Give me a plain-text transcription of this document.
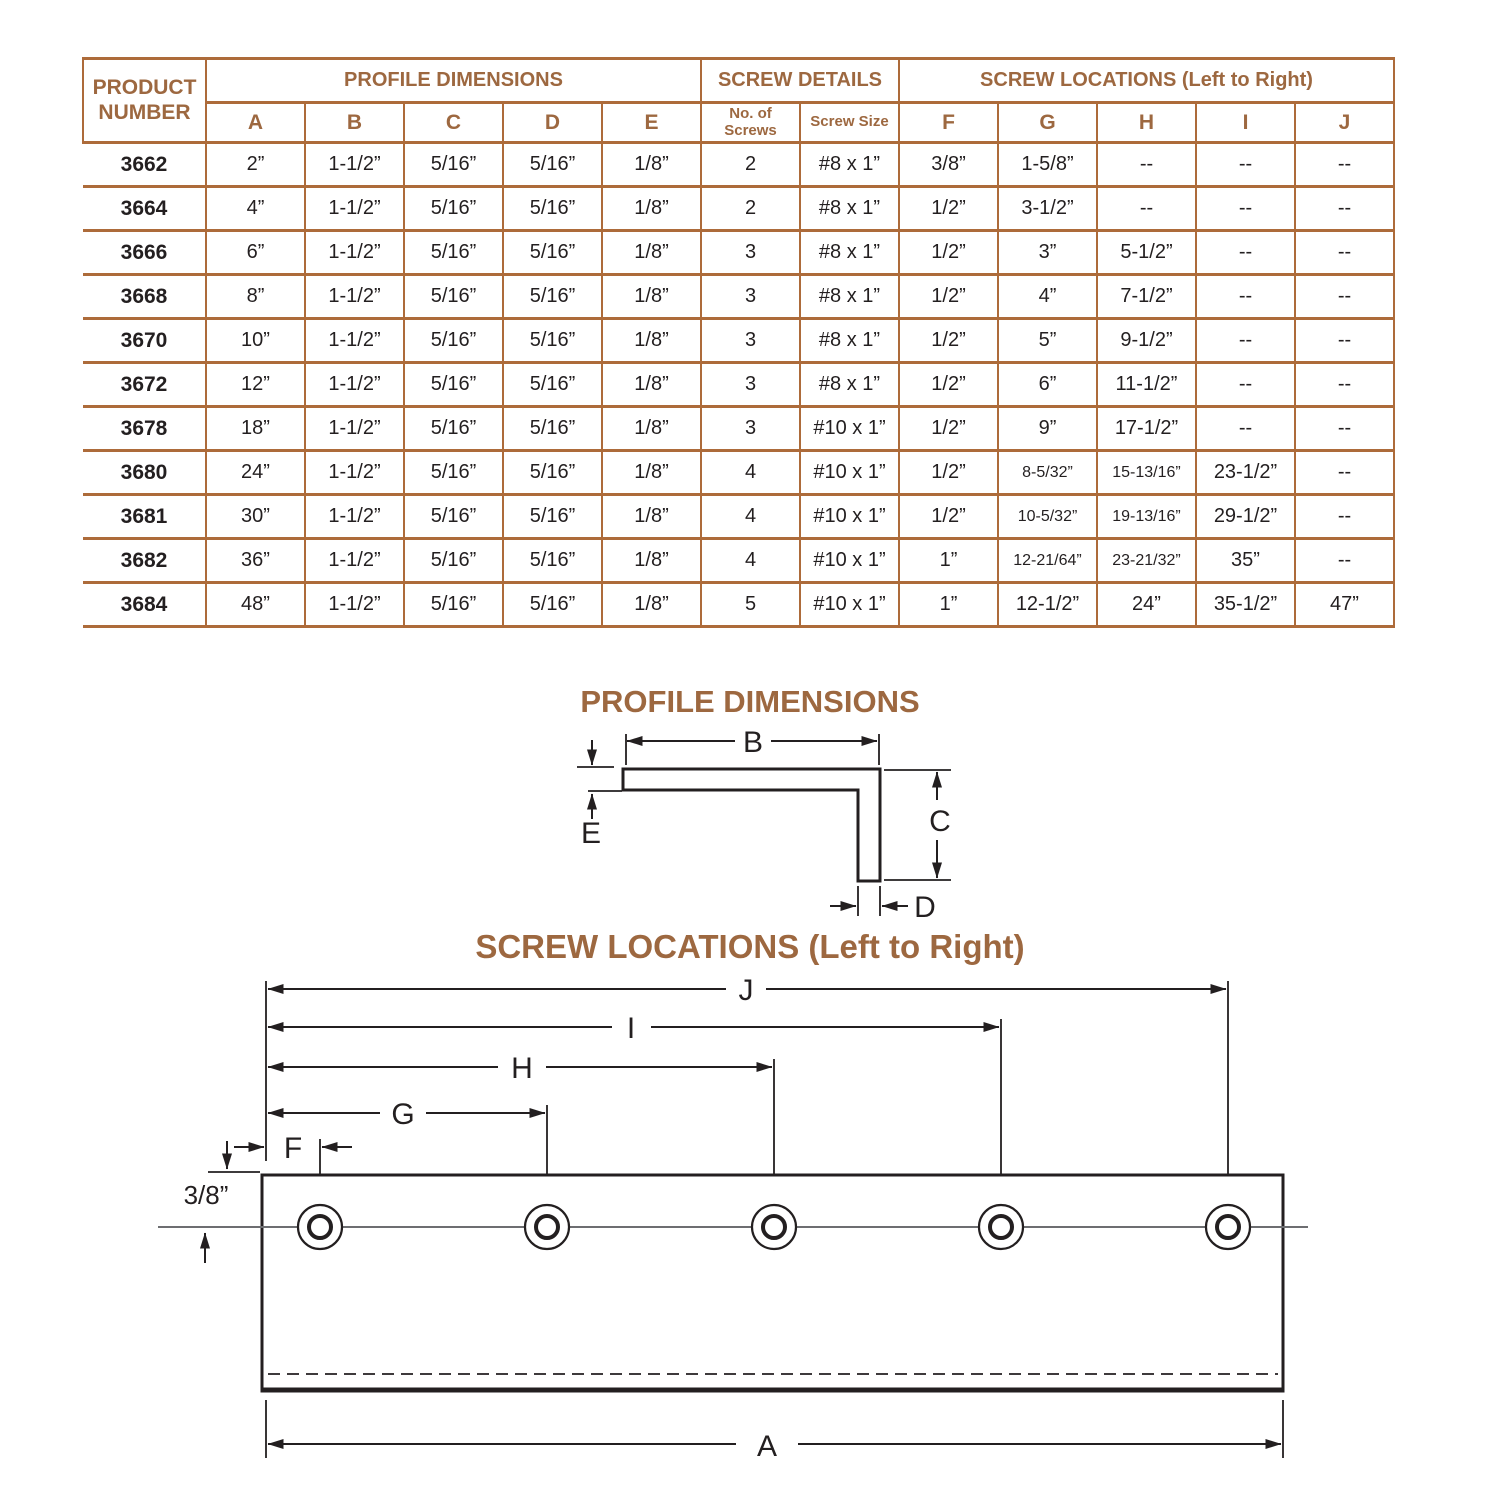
PRODUCT NUMBER	PROFILE DIMENSIONS					SCREW DETAILS		SCREW LOCATIONS (Left to Right)				
	A	B	C	D	E	No. of Screws	Screw Size	F	G	H	I	J
3662	2”	1-1/2”	5/16”	5/16”	1/8”	2	#8 x 1”	3/8”	1-5/8”	--	--	--
3664	4”	1-1/2”	5/16”	5/16”	1/8”	2	#8 x 1”	1/2”	3-1/2”	--	--	--
3666	6”	1-1/2”	5/16”	5/16”	1/8”	3	#8 x 1”	1/2”	3”	5-1/2”	--	--
3668	8”	1-1/2”	5/16”	5/16”	1/8”	3	#8 x 1”	1/2”	4”	7-1/2”	--	--
3670	10”	1-1/2”	5/16”	5/16”	1/8”	3	#8 x 1”	1/2”	5”	9-1/2”	--	--
3672	12”	1-1/2”	5/16”	5/16”	1/8”	3	#8 x 1”	1/2”	6”	11-1/2”	--	--
3678	18”	1-1/2”	5/16”	5/16”	1/8”	3	#10 x 1”	1/2”	9”	17-1/2”	--	--
3680	24”	1-1/2”	5/16”	5/16”	1/8”	4	#10 x 1”	1/2”	8-5/32”	15-13/16”	23-1/2”	--
3681	30”	1-1/2”	5/16”	5/16”	1/8”	4	#10 x 1”	1/2”	10-5/32”	19-13/16”	29-1/2”	--
3682	36”	1-1/2”	5/16”	5/16”	1/8”	4	#10 x 1”	1”	12-21/64”	23-21/32”	35”	--
3684	48”	1-1/2”	5/16”	5/16”	1/8”	5	#10 x 1”	1”	12-1/2”	24”	35-1/2”	47”
PROFILE DIMENSIONS
B
E	C
D
SCREW LOCATIONS (Left to Right)
J
I
H
G
F
3/8”
A
